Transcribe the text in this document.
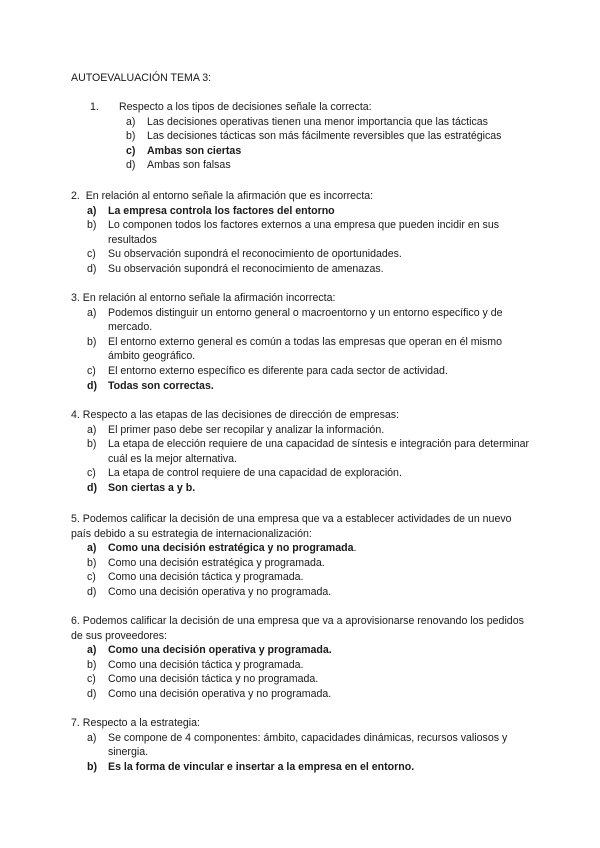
AUTOEVALUACIÓN TEMA 3:

1. Respecto a los tipos de decisiones señale la correcta:

a) Las decisiones operativas tienen una menor importancia que las tácticas
b) Las decisiones tácticas son más fácilmente reversibles que las estratégicas
c) Ambas son ciertas
d) Ambas son falsas

2. En relación al entorno señale la afirmación que es incorrecta:

a) La empresa controla los factores del entorno
b) Lo componen todos los factores externos a una empresa que pueden incidir en sus resultados
c) Su observación supondrá el reconocimiento de oportunidades.
d) Su observación supondrá el reconocimiento de amenazas.

3. En relación al entorno señale la afirmación incorrecta:

a) Podemos distinguir un entorno general o macroentorno y un entorno específico y de mercado.
b) El entorno externo general es común a todas las empresas que operan en él mismo ámbito geográfico.
c) El entorno externo específico es diferente para cada sector de actividad.
d) Todas son correctas.

4. Respecto a las etapas de las decisiones de dirección de empresas:

a) El primer paso debe ser recopilar y analizar la información.
b) La etapa de elección requiere de una capacidad de síntesis e integración para determinar cuál es la mejor alternativa.
c) La etapa de control requiere de una capacidad de exploración.
d) Son ciertas a y b.

5. Podemos calificar la decisión de una empresa que va a establecer actividades de un nuevo país debido a su estrategia de internacionalización:

a) Como una decisión estratégica y no programada.
b) Como una decisión estratégica y programada.
c) Como una decisión táctica y programada.
d) Como una decisión operativa y no programada.

6. Podemos calificar la decisión de una empresa que va a aprovisionarse renovando los pedidos de sus proveedores:

a) Como una decisión operativa y programada.
b) Como una decisión táctica y programada.
c) Como una decisión táctica y no programada.
d) Como una decisión operativa y no programada.

7. Respecto a la estrategia:

a) Se compone de 4 componentes: ámbito, capacidades dinámicas, recursos valiosos y sinergia.
b) Es la forma de vincular e insertar a la empresa en el entorno.
